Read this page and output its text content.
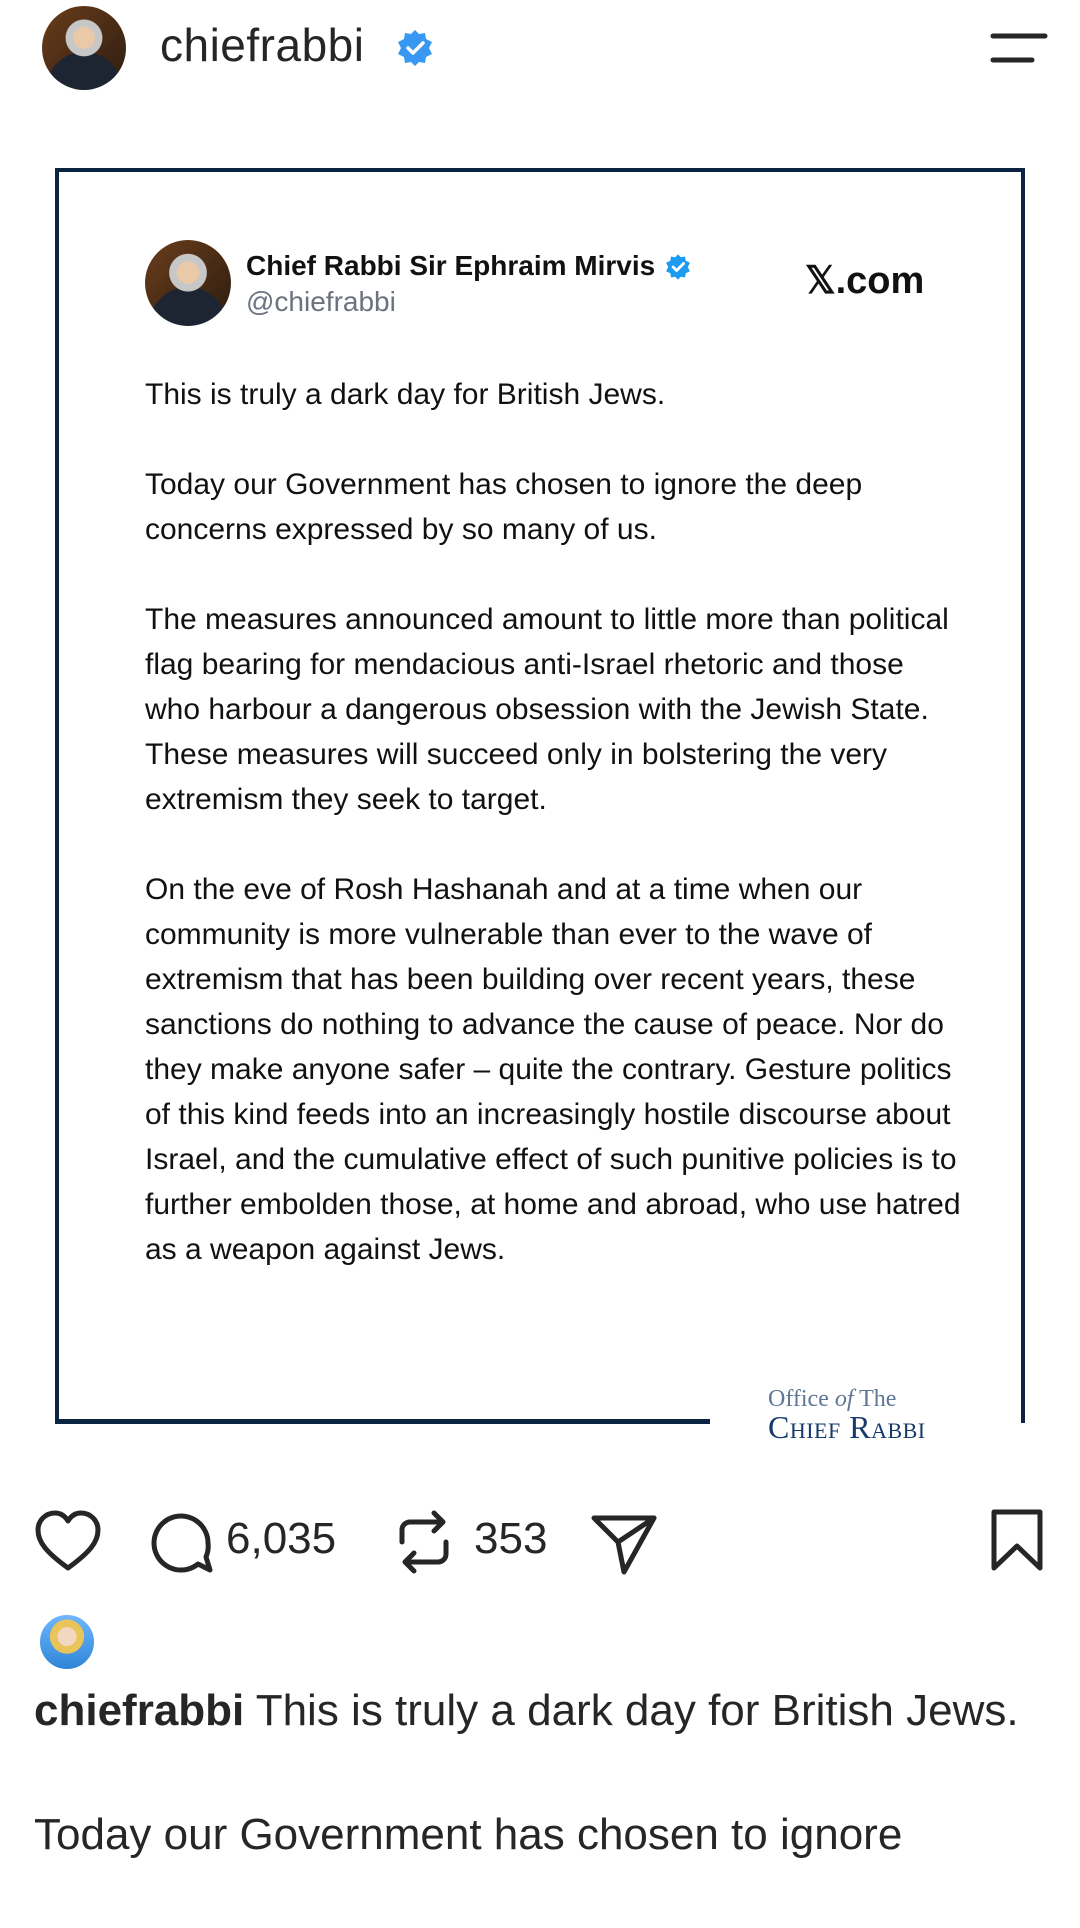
chiefrabbi
Chief Rabbi Sir Ephraim Mirvis
@chiefrabbi	𝕏.com

This is truly a dark day for British Jews.

Today our Government has chosen to ignore the deep concerns expressed by so many of us.

The measures announced amount to little more than political flag bearing for mendacious anti-Israel rhetoric and those who harbour a dangerous obsession with the Jewish State. These measures will succeed only in bolstering the very extremism they seek to target.

On the eve of Rosh Hashanah and at a time when our community is more vulnerable than ever to the wave of extremism that has been building over recent years, these sanctions do nothing to advance the cause of peace. Nor do they make anyone safer – quite the contrary. Gesture politics of this kind feeds into an increasingly hostile discourse about Israel, and the cumulative effect of such punitive policies is to further embolden those, at home and abroad, who use hatred as a weapon against Jews.

Office of The
Chief Rabbi
6,035	353

chiefrabbi This is truly a dark day for British Jews.

Today our Government has chosen to ignore
